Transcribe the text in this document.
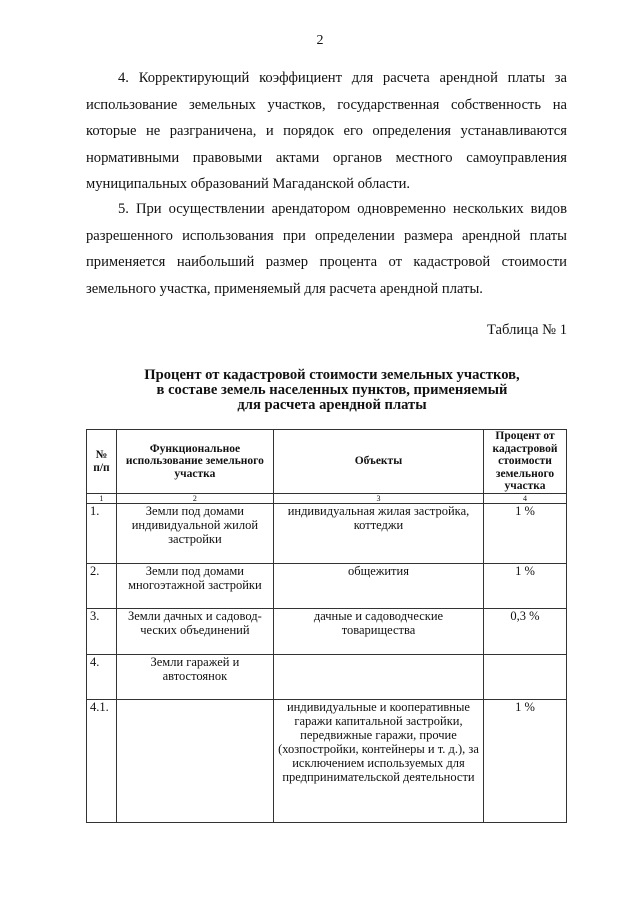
2

4. Корректирующий коэффициент для расчета арендной платы за
использование земельных участков, государственная собственность на
которые не разграничена, и порядок его определения устанавливаются
нормативными правовыми актами органов местного самоуправления
муниципальных образований Магаданской области.

5. При осуществлении арендатором одновременно нескольких видов
разрешенного использования при определении размера арендной платы
применяется наибольший размер процента от кадастровой стоимости
земельного участка, применяемый для расчета арендной платы.

Таблица № 1
Процент от кадастровой стоимости земельных участков,
в составе земель населенных пунктов, применяемый
для расчета арендной платы
№ п/п	Функциональное использование земельного участка	Объекты	Процент от кадастровой стоимости земельного участка
1	2	3	4
1.	Земли под домами индивидуальной жилой застройки	индивидуальная жилая застройка, коттеджи	1 %
2.	Земли под домами многоэтажной застройки	общежития	1 %
3.	Земли дачных и садовод-ческих объединений	дачные и садоводческие товарищества	0,3 %
4.	Земли гаражей и автостоянок		
4.1.		индивидуальные и кооперативные гаражи капитальной застройки, передвижные гаражи, прочие (хозпостройки, контейнеры и т. д.), за исключением используемых для предпринимательской деятельности	1 %
